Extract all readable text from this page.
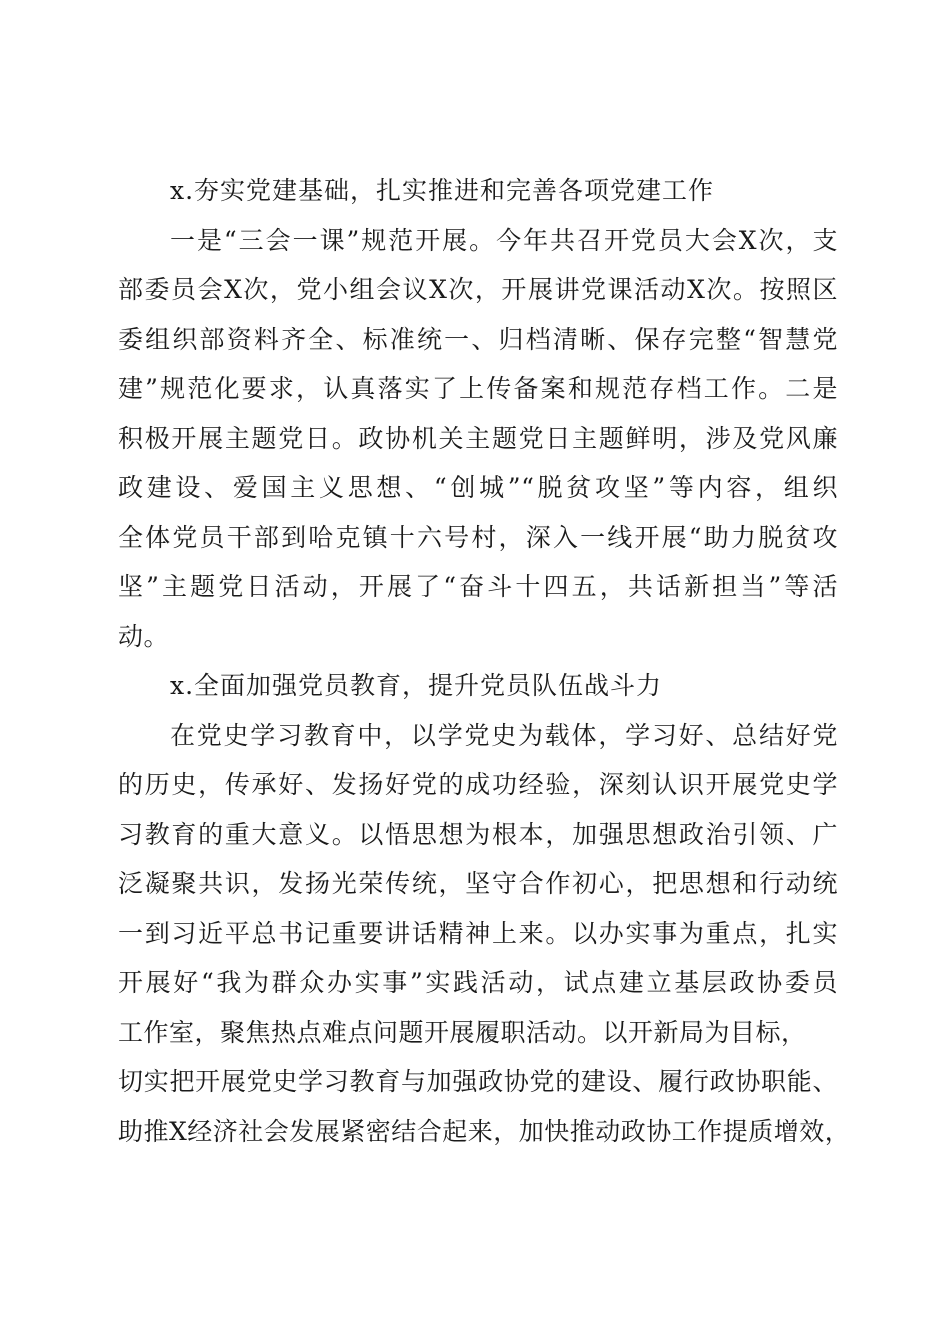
x.夯实党建基础，扎实推进和完善各项党建工作

一是“三会一课”规范开展。今年共召开党员大会X次，支
部委员会X次，党小组会议X次，开展讲党课活动X次。按照区
委组织部资料齐全、标准统一、归档清晰、保存完整“智慧党
建”规范化要求，认真落实了上传备案和规范存档工作。二是
积极开展主题党日。政协机关主题党日主题鲜明，涉及党风廉
政建设、爱国主义思想、“创城”“脱贫攻坚”等内容，组织
全体党员干部到哈克镇十六号村，深入一线开展“助力脱贫攻
坚”主题党日活动，开展了“奋斗十四五，共话新担当”等活
动。

x.全面加强党员教育，提升党员队伍战斗力

在党史学习教育中，以学党史为载体，学习好、总结好党
的历史，传承好、发扬好党的成功经验，深刻认识开展党史学
习教育的重大意义。以悟思想为根本，加强思想政治引领、广
泛凝聚共识，发扬光荣传统，坚守合作初心，把思想和行动统
一到习近平总书记重要讲话精神上来。以办实事为重点，扎实
开展好“我为群众办实事”实践活动，试点建立基层政协委员
工作室，聚焦热点难点问题开展履职活动。以开新局为目标，
切实把开展党史学习教育与加强政协党的建设、履行政协职能、
助推X经济社会发展紧密结合起来，加快推动政协工作提质增效，
